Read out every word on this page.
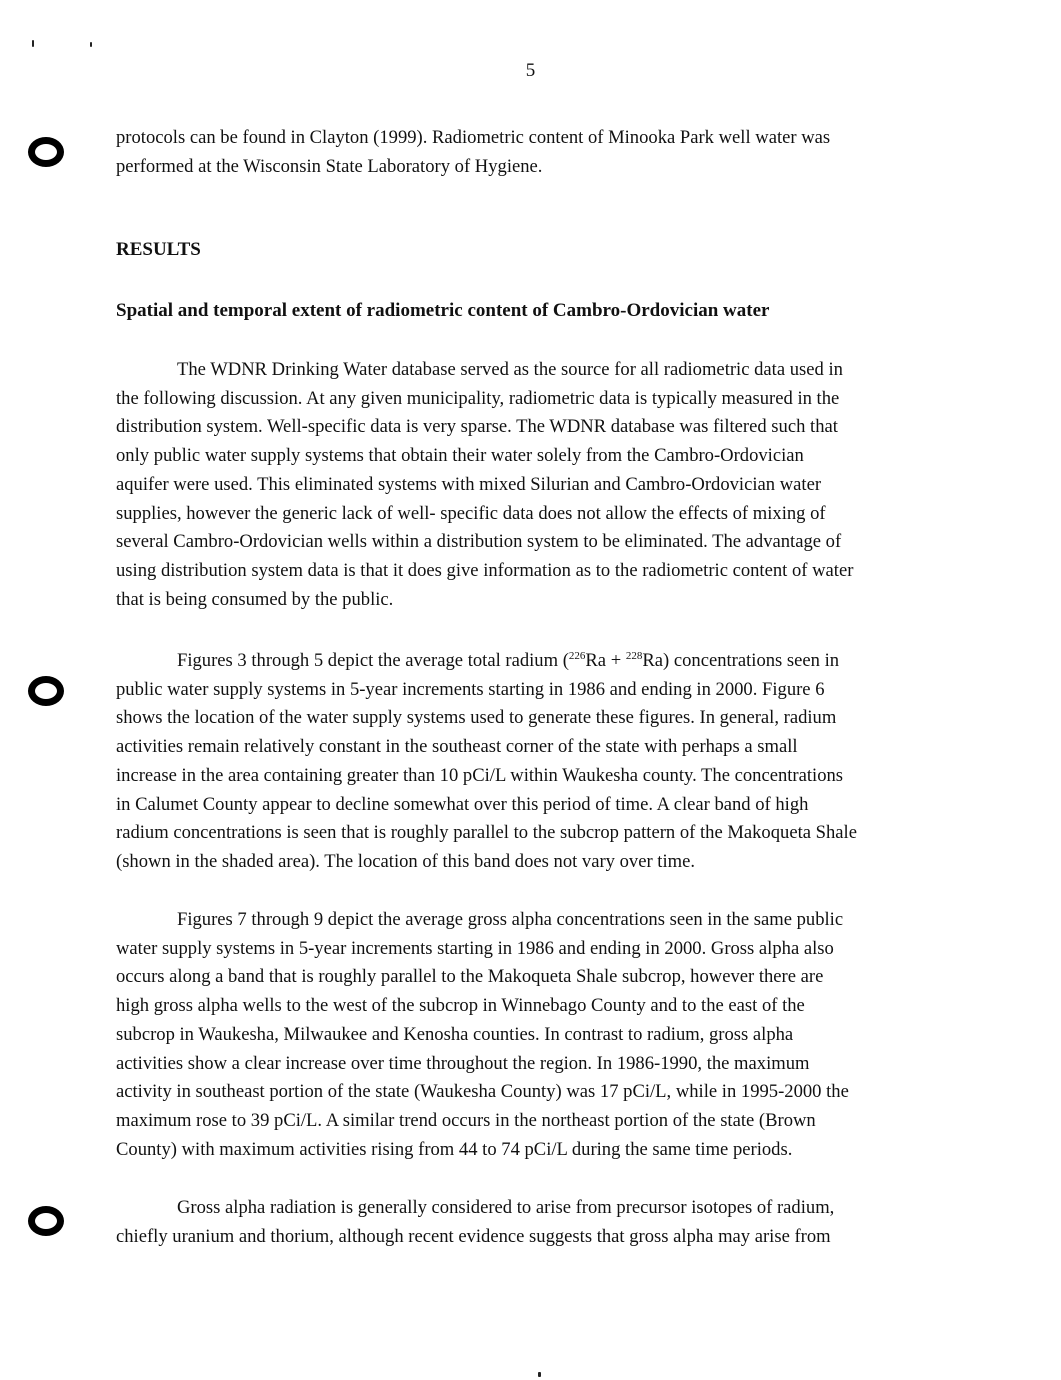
5
protocols can be found in Clayton (1999). Radiometric content of Minooka Park well water was
performed at the Wisconsin State Laboratory of Hygiene.
RESULTS
Spatial and temporal extent of radiometric content of Cambro-Ordovician water
The WDNR Drinking Water database served as the source for all radiometric data used in
the following discussion. At any given municipality, radiometric data is typically measured in the
distribution system. Well-specific data is very sparse. The WDNR database was filtered such that
only public water supply systems that obtain their water solely from the Cambro-Ordovician
aquifer were used. This eliminated systems with mixed Silurian and Cambro-Ordovician water
supplies, however the generic lack of well- specific data does not allow the effects of mixing of
several Cambro-Ordovician wells within a distribution system to be eliminated. The advantage of
using distribution system data is that it does give information as to the radiometric content of water
that is being consumed by the public.
Figures 3 through 5 depict the average total radium ($^{226}$Ra + $^{228}$Ra) concentrations seen in
public water supply systems in 5-year increments starting in 1986 and ending in 2000. Figure 6
shows the location of the water supply systems used to generate these figures. In general, radium
activities remain relatively constant in the southeast corner of the state with perhaps a small
increase in the area containing greater than 10 pCi/L within Waukesha county. The concentrations
in Calumet County appear to decline somewhat over this period of time. A clear band of high
radium concentrations is seen that is roughly parallel to the subcrop pattern of the Makoqueta Shale
(shown in the shaded area). The location of this band does not vary over time.
Figures 7 through 9 depict the average gross alpha concentrations seen in the same public
water supply systems in 5-year increments starting in 1986 and ending in 2000. Gross alpha also
occurs along a band that is roughly parallel to the Makoqueta Shale subcrop, however there are
high gross alpha wells to the west of the subcrop in Winnebago County and to the east of the
subcrop in Waukesha, Milwaukee and Kenosha counties. In contrast to radium, gross alpha
activities show a clear increase over time throughout the region. In 1986-1990, the maximum
activity in southeast portion of the state (Waukesha County) was 17 pCi/L, while in 1995-2000 the
maximum rose to 39 pCi/L. A similar trend occurs in the northeast portion of the state (Brown
County) with maximum activities rising from 44 to 74 pCi/L during the same time periods.
Gross alpha radiation is generally considered to arise from precursor isotopes of radium,
chiefly uranium and thorium, although recent evidence suggests that gross alpha may arise from
